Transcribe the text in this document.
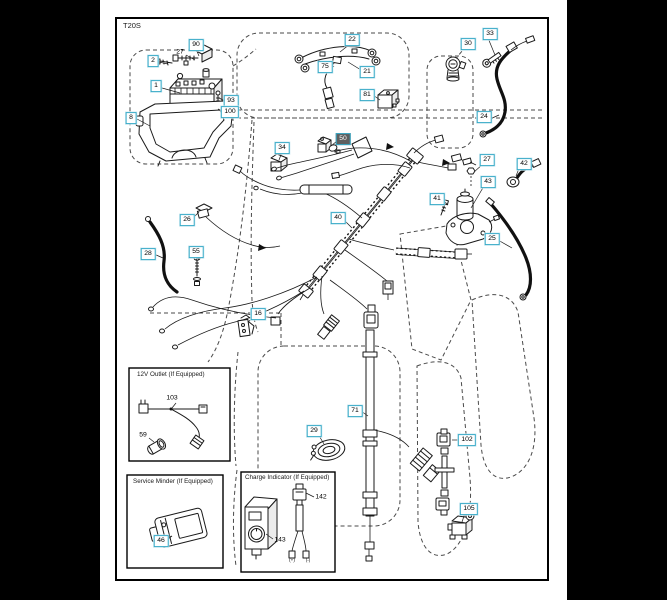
T20S
12V Outlet (If Equipped)
Service Minder (If Equipped)
Charge Indicator (If Equipped)
90
27
2
1
8
93
100
22
75
21
81
30
33
24
34
50
27
42
43
41
25
26
28	55
16
40
71
29
102
105
46
103
59
142
143
(+) (-)
